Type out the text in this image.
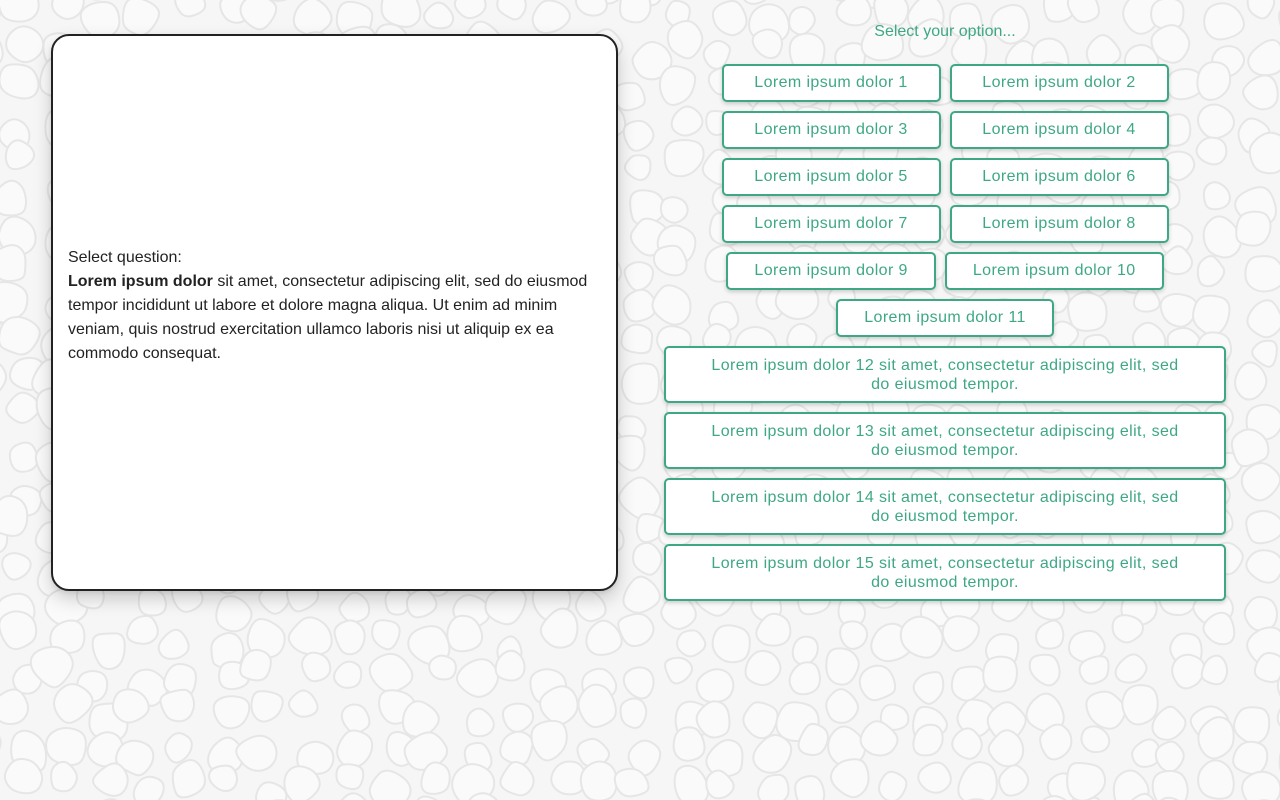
Select question:
Lorem ipsum dolor sit amet, consectetur adipiscing elit, sed do eiusmod tempor incididunt ut labore et dolore magna aliqua. Ut enim ad minim veniam, quis nostrud exercitation ullamco laboris nisi ut aliquip ex ea commodo consequat.
Select your option...
Lorem ipsum dolor 1	Lorem ipsum dolor 2
Lorem ipsum dolor 3	Lorem ipsum dolor 4
Lorem ipsum dolor 5	Lorem ipsum dolor 6
Lorem ipsum dolor 7	Lorem ipsum dolor 8
Lorem ipsum dolor 9	Lorem ipsum dolor 10
Lorem ipsum dolor 11
Lorem ipsum dolor 12 sit amet, consectetur adipiscing elit, sed do eiusmod tempor.
Lorem ipsum dolor 13 sit amet, consectetur adipiscing elit, sed do eiusmod tempor.
Lorem ipsum dolor 14 sit amet, consectetur adipiscing elit, sed do eiusmod tempor.
Lorem ipsum dolor 15 sit amet, consectetur adipiscing elit, sed do eiusmod tempor.
